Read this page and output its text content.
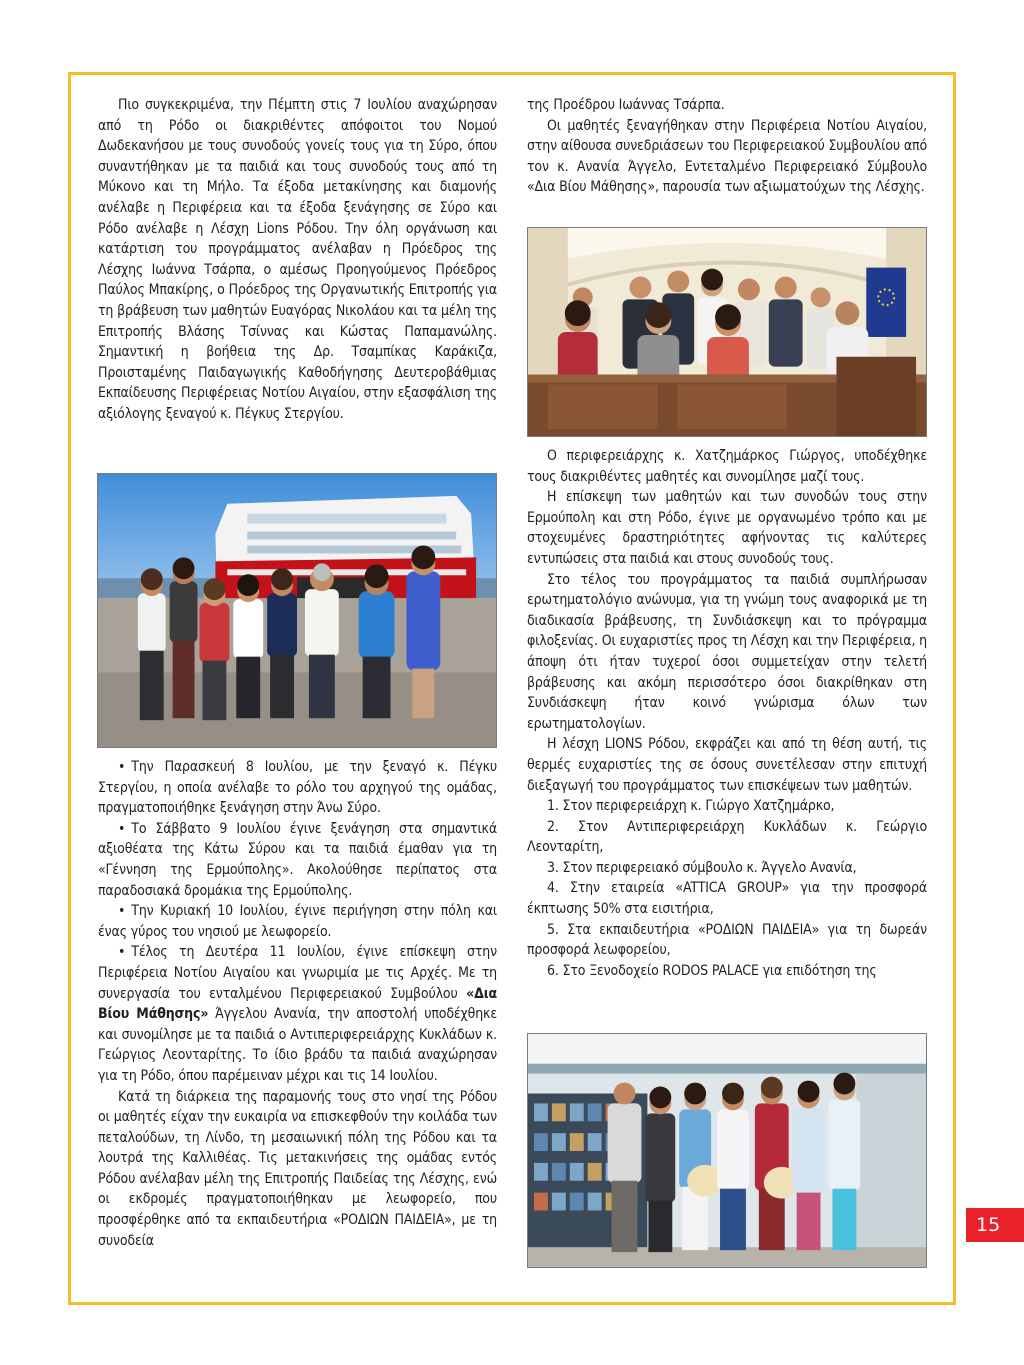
Πιο συγκεκριμένα, την Πέμπτη στις 7 Ιουλίου αναχώρησαν από τη Ρόδο οι διακριθέντες απόφοιτοι του Νομού Δωδεκανήσου με τους συνοδούς γονείς τους για τη Σύρο, όπου συναντήθηκαν με τα παιδιά και τους συνοδούς τους από τη Μύκονο και τη Μήλο. Τα έξοδα μετακίνησης και διαμονής ανέλαβε η Περιφέρεια και τα έξοδα ξενάγησης σε Σύρο και Ρόδο ανέλαβε η Λέσχη Lions Ρόδου. Την όλη οργάνωση και κατάρτιση του προγράμματος ανέλαβαν η Πρόεδρος της Λέσχης Ιωάννα Τσάρπα, ο αμέσως Προηγούμενος Πρόεδρος Παύλος Μπακίρης, ο Πρόεδρος της Οργανωτικής Επιτροπής για τη βράβευση των μαθητών Ευαγόρας Νικολάου και τα μέλη της Επιτροπής Βλάσης Τσίννας και Κώστας Παπαμανώλης. Σημαντική η βοήθεια της Δρ. Τσαμπίκας Καράκιζα, Προισταμένης Παιδαγωγικής Καθοδήγησης Δευτεροβάθμιας Εκπαίδευσης Περιφέρειας Νοτίου Αιγαίου, στην εξασφάλιση της αξιόλογης ξεναγού κ. Πέγκυς Στεργίου.

• Την Παρασκευή 8 Ιουλίου, με την ξεναγό κ. Πέγκυ Στεργίου, η οποία ανέλαβε το ρόλο του αρχηγού της ομάδας, πραγματοποιήθηκε ξενάγηση στην Άνω Σύρο.
• Το Σάββατο 9 Ιουλίου έγινε ξενάγηση στα σημαντικά αξιοθέατα της Κάτω Σύρου και τα παιδιά έμαθαν για τη «Γέννηση της Ερμούπολης». Ακολούθησε περίπατος στα παραδοσιακά δρομάκια της Ερμούπολης.
• Την Κυριακή 10 Ιουλίου, έγινε περιήγηση στην πόλη και ένας γύρος του νησιού με λεωφορείο.
• Τέλος τη Δευτέρα 11 Ιουλίου, έγινε επίσκεψη στην Περιφέρεια Νοτίου Αιγαίου και γνωριμία με τις Αρχές. Με τη συνεργασία του ενταλμένου Περιφερειακού Συμβούλου «Δια Βίου Μάθησης» Άγγελου Ανανία, την αποστολή υποδέχθηκε και συνομίλησε με τα παιδιά ο Αντιπεριφερειάρχης Κυκλάδων κ. Γεώργιος Λεονταρίτης. Το ίδιο βράδυ τα παιδιά αναχώρησαν για τη Ρόδο, όπου παρέμειναν μέχρι και τις 14 Ιουλίου.

Κατά τη διάρκεια της παραμονής τους στο νησί της Ρόδου οι μαθητές είχαν την ευκαιρία να επισκεφθούν την κοιλάδα των πεταλούδων, τη Λίνδο, τη μεσαιωνική πόλη της Ρόδου και τα λουτρά της Καλλιθέας. Τις μετακινήσεις της ομάδας εντός Ρόδου ανέλαβαν μέλη της Επιτροπής Παιδείας της Λέσχης, ενώ οι εκδρομές πραγματοποιήθηκαν με λεωφορείο, που προσφέρθηκε από τα εκπαιδευτήρια «ΡΟΔΙΩΝ ΠΑΙΔΕΙΑ», με τη συνοδεία

της Προέδρου Ιωάννας Τσάρπα.

Οι μαθητές ξεναγήθηκαν στην Περιφέρεια Νοτίου Αιγαίου, στην αίθουσα συνεδριάσεων του Περιφερειακού Συμβουλίου από τον κ. Ανανία Άγγελο, Εντεταλμένο Περιφερειακό Σύμβουλο «Δια Βίου Μάθησης», παρουσία των αξιωματούχων της Λέσχης.

Ο περιφερειάρχης κ. Χατζημάρκος Γιώργος, υποδέχθηκε τους διακριθέντες μαθητές και συνομίλησε μαζί τους.

Η επίσκεψη των μαθητών και των συνοδών τους στην Ερμούπολη και στη Ρόδο, έγινε με οργανωμένο τρόπο και με στοχευμένες δραστηριότητες αφήνοντας τις καλύτερες εντυπώσεις στα παιδιά και στους συνοδούς τους.

Στο τέλος του προγράμματος τα παιδιά συμπλήρωσαν ερωτηματολόγιο ανώνυμα, για τη γνώμη τους αναφορικά με τη διαδικασία βράβευσης, τη Συνδιάσκεψη και το πρόγραμμα φιλοξενίας. Οι ευχαριστίες προς τη Λέσχη και την Περιφέρεια, η άποψη ότι ήταν τυχεροί όσοι συμμετείχαν στην τελετή βράβευσης και ακόμη περισσότερο όσοι διακρίθηκαν στη Συνδιάσκεψη ήταν κοινό γνώρισμα όλων των ερωτηματολογίων.

Η λέσχη LIONS Ρόδου, εκφράζει και από τη θέση αυτή, τις θερμές ευχαριστίες της σε όσους συνετέλεσαν στην επιτυχή διεξαγωγή του προγράμματος των επισκέψεων των μαθητών.

1. Στον περιφερειάρχη κ. Γιώργο Χατζημάρκο,

2. Στον Αντιπεριφερειάρχη Κυκλάδων κ. Γεώργιο Λεονταρίτη,

3. Στον περιφερειακό σύμβουλο κ. Άγγελο Ανανία,

4. Στην εταιρεία «ATTICA GROUP» για την προσφορά έκπτωσης 50% στα εισιτήρια,

5. Στα εκπαιδευτήρια «ΡΟΔΙΩΝ ΠΑΙΔΕΙΑ» για τη δωρεάν προσφορά λεωφορείου,

6. Στο Ξενοδοχείο RODOS PALACE για επιδότηση της

15
